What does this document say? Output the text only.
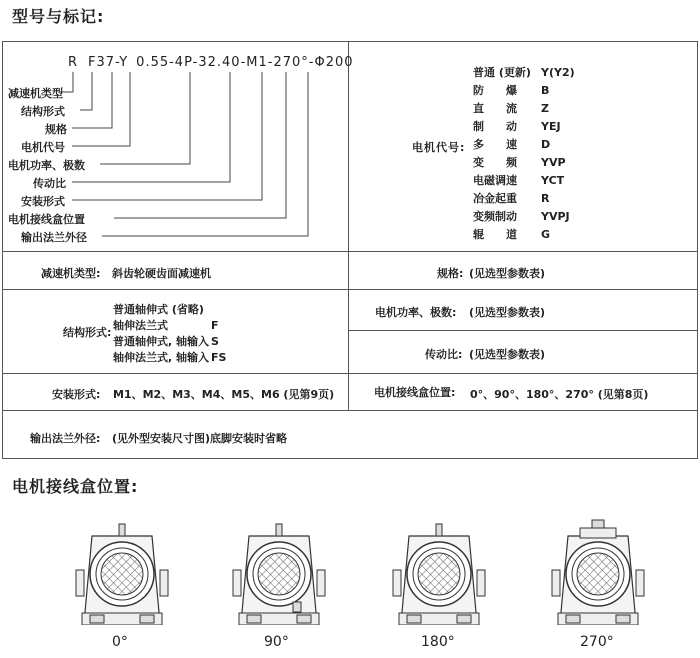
型号与标记:
电机接线盒位置:
R F37-Y 0.55-4P-32.40-M1-270°-Φ200
减速机类型
结构形式
规格
电机代号
电机功率、极数
传动比
安装形式
电机接线盒位置
输出法兰外径
电机代号:
普通 (更新) Y(Y2)
防　　爆 B
直　　流 Z
制　　动 YEJ
多　　速 D
变　　频 YVP
电磁调速 YCT
冶金起重 R
变频制动 YVPJ
辊　　道 G
减速机类型: 斜齿轮硬齿面减速机	规格: (见选型参数表)
结构形式:
普通轴伸式 (省略)
轴伸法兰式	F
普通轴伸式, 轴输入 S
轴伸法兰式, 轴输入 FS
电机功率、极数: (见选型参数表)
传动比: (见选型参数表)
安装形式: M1、M2、M3、M4、M5、M6 (见第9页)	电机接线盒位置: 0°、90°、180°、270° (见第8页)
输出法兰外径: (见外型安装尺寸图)底脚安装时省略
0°	90°	180°	270°
